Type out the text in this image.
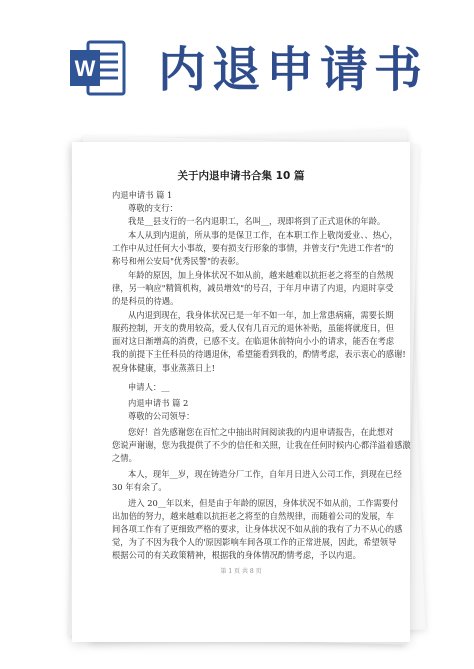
W 内退申请书
关于内退申请书合集 10 篇
内退申请书 篇 1
尊敬的支行：
我是__县支行的一名内退职工，名叫__，现即将到了正式退休的年龄。
本人从到内退前，所从事的是保卫工作，在本职工作上敬岗爱业、、热心，
工作中从过任何大小事故，要有损支行形象的事情，并曾支行"先进工作者"的
称号和州公安局"优秀民警"的表彰。
年龄的原因，加上身体状况不如从前，越来越难以抗拒老之将至的自然规
律，另一响应"精简机构，减员增效"的号召，于年月申请了内退，内退时享受
的是科员的待遇。
从内退到现在，我身体状况已是一年不如一年，加上常患病痛，需要长期
服药控制，开支的费用较高，爱人仅有几百元的退休补贴，虽能将就度日，但
面对这日渐增高的消费，已感不支。在临退休前特向小小的请求，能否在考虑
我的前提下主任科员的待遇退休，希望能看到我的，酌情考虑，表示衷心的感谢!
祝身体健康，事业蒸蒸日上!
申请人：__
内退申请书 篇 2
尊敬的公司领导：
您好！首先感谢您在百忙之中抽出时间阅读我的内退申请报告，在此想对
您说声谢谢，您为我提供了不少的信任和关照，让我在任何时候内心都洋溢着感激
之情。
本人，现年__岁，现在铸造分厂工作，自年月日进入公司工作，到现在已经
30 年有余了。
进入 20__年以来，但是由于年龄的原因，身体状况不如从前，工作需要付
出加倍的努力，越来越难以抗拒老之将至的自然规律，而随着公司的发展，车
间各项工作有了更细致严格的要求，让身体状况不如从前的我有了力不从心的感
觉，为了不因为我个人的'原因影响车间各项工作的正常进展，因此，希望领导
根据公司的有关政策精神，根据我的身体情况酌情考虑，予以内退。
第 1 页 共 8 页
